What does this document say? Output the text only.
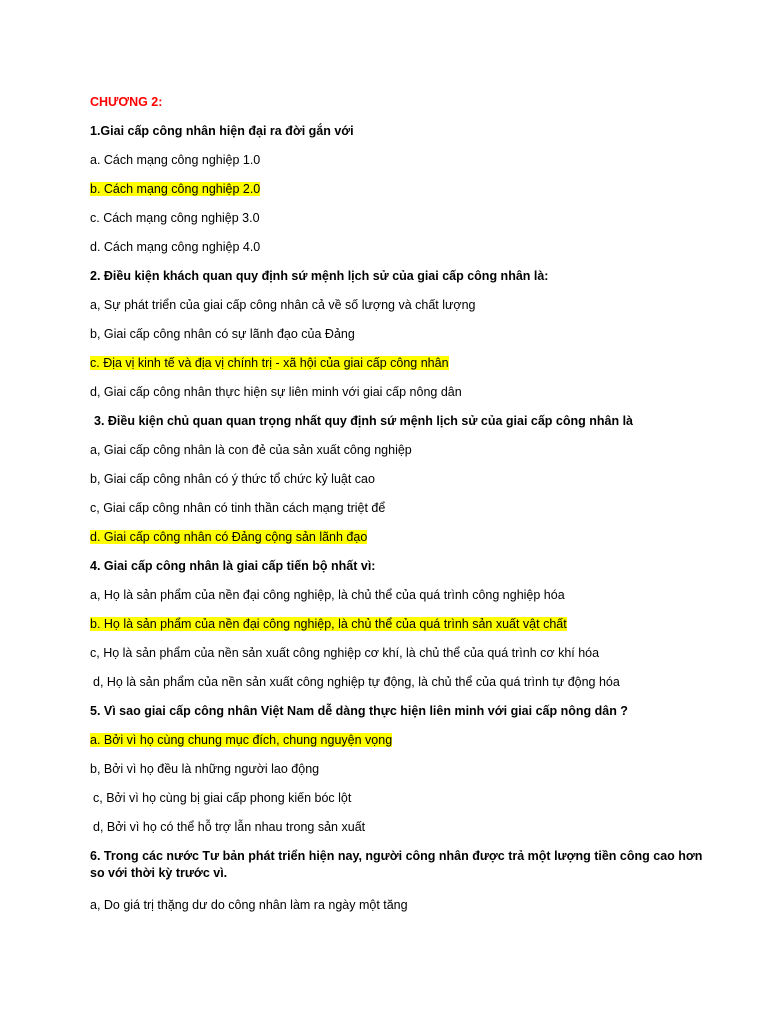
CHƯƠNG 2:
1.Giai cấp công nhân hiện đại ra đời gắn với
a. Cách mạng công nghiệp 1.0
b. Cách mạng công nghiệp 2.0
c. Cách mạng công nghiệp 3.0
d. Cách mạng công nghiệp 4.0
2. Điều kiện khách quan quy định sứ mệnh lịch sử của giai cấp công nhân là:
a, Sự phát triển của giai cấp công nhân cả về số lượng và chất lượng
b, Giai cấp công nhân có sự lãnh đạo của Đảng
c. Địa vị kinh tế và địa vị chính trị - xã hội của giai cấp công nhân
d, Giai cấp công nhân thực hiện sự liên minh với giai cấp nông dân
3. Điều kiện chủ quan quan trọng nhất quy định sứ mệnh lịch sử của giai cấp công nhân là
a, Giai cấp công nhân là con đẻ của sản xuất công nghiệp
b, Giai cấp công nhân có ý thức tổ chức kỷ luật cao
c, Giai cấp công nhân có tinh thần cách mạng triệt để
d. Giai cấp công nhân có Đảng cộng sản lãnh đạo
4. Giai cấp công nhân là giai cấp tiến bộ nhất vì:
a, Họ là sản phẩm của nền đại công nghiệp, là chủ thể của quá trình công nghiệp hóa
b. Họ là sản phẩm của nền đại công nghiệp, là chủ thể của quá trình sản xuất vật chất
c, Họ là sản phẩm của nền sản xuất công nghiệp cơ khí, là chủ thể của quá trình cơ khí hóa
d, Họ là sản phẩm của nền sản xuất công nghiệp tự động, là chủ thể của quá trình tự động hóa
5. Vì sao giai cấp công nhân Việt Nam dễ dàng thực hiện liên minh với giai cấp nông dân ?
a. Bởi vì họ cùng chung mục đích, chung nguyện vọng
b, Bởi vì họ đều là những người lao động
c, Bởi vì họ cùng bị giai cấp phong kiến bóc lột
d, Bởi vì họ có thể hỗ trợ lẫn nhau trong sản xuất
6. Trong các nước Tư bản phát triển hiện nay, người công nhân được trả một lượng tiền công cao hơn so với thời kỳ trước vì.
a, Do giá trị thặng dư do công nhân làm ra ngày một tăng
